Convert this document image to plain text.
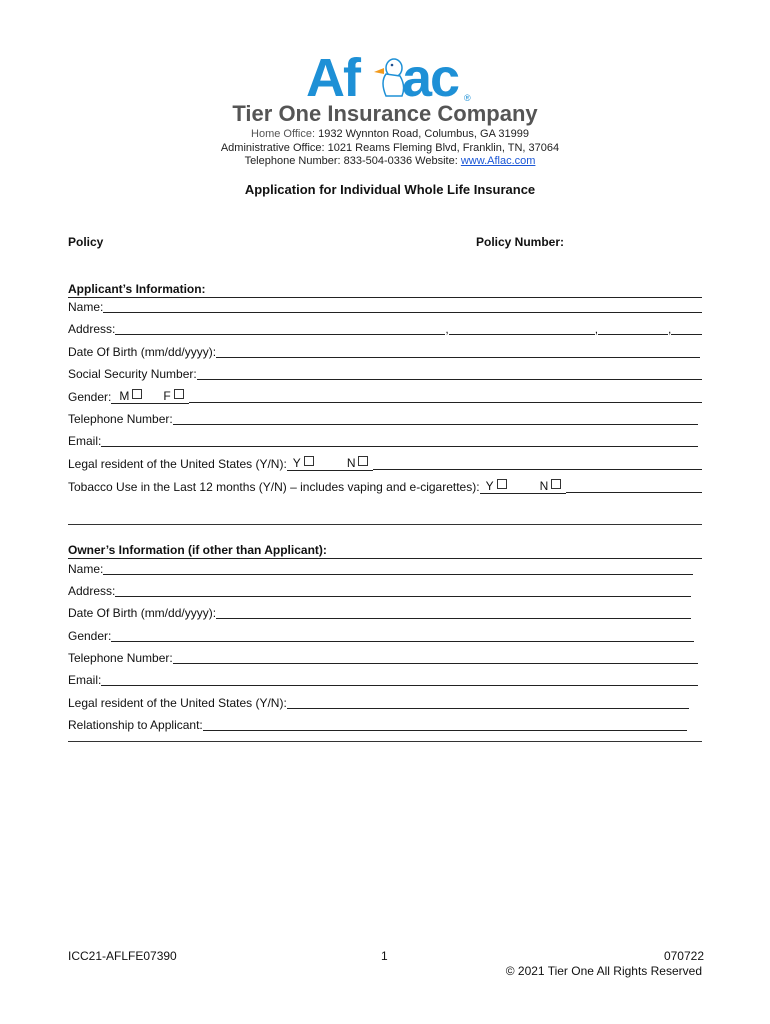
Af ac ®
Tier One Insurance Company
Home Office: 1932 Wynnton Road, Columbus, GA 31999
Administrative Office: 1021 Reams Fleming Blvd, Franklin, TN, 37064
Telephone Number: 833-504-0336 Website: www.Aflac.com
Application for Individual Whole Life Insurance
Policy	Policy Number:
Applicant’s Information:
Name:
Address:	,	,	,
Date Of Birth (mm/dd/yyyy):
Social Security Number:
Gender: M	F
Telephone Number:
Email:
Legal resident of the United States (Y/N): Y	N
Tobacco Use in the Last 12 months (Y/N) – includes vaping and e-cigarettes): Y	N
Owner’s Information (if other than Applicant):
Name:
Address:
Date Of Birth (mm/dd/yyyy):
Gender:
Telephone Number:
Email:
Legal resident of the United States (Y/N):
Relationship to Applicant:
ICC21-AFLFE07390	1	070722
© 2021 Tier One All Rights Reserved
